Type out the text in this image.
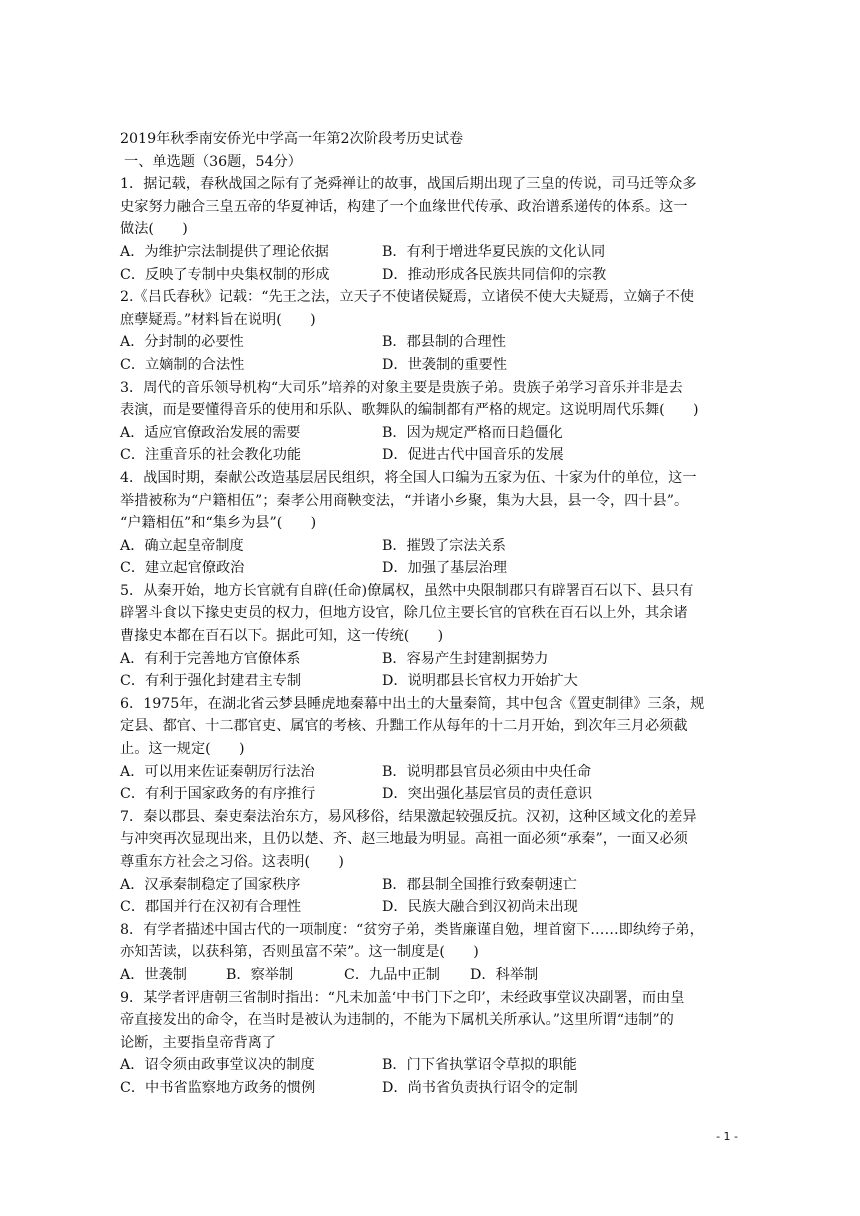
2019年秋季南安侨光中学高一年第2次阶段考历史试卷
一、单选题（36题，54分）
1．据记载，春秋战国之际有了尧舜禅让的故事，战国后期出现了三皇的传说，司马迁等众多
史家努力融合三皇五帝的华夏神话，构建了一个血缘世代传承、政治谱系递传的体系。这一
做法(　　)
A．为维护宗法制提供了理论依据	B．有利于增进华夏民族的文化认同
C．反映了专制中央集权制的形成	D．推动形成各民族共同信仰的宗教
2.《吕氏春秋》记载：“先王之法，立天子不使诸侯疑焉，立诸侯不使大夫疑焉，立嫡子不使
庶孽疑焉。”材料旨在说明(　　)
A．分封制的必要性	B．郡县制的合理性
C．立嫡制的合法性	D．世袭制的重要性
3．周代的音乐领导机构“大司乐”培养的对象主要是贵族子弟。贵族子弟学习音乐并非是去
表演，而是要懂得音乐的使用和乐队、歌舞队的编制都有严格的规定。这说明周代乐舞(　　)
A．适应官僚政治发展的需要	B．因为规定严格而日趋僵化
C．注重音乐的社会教化功能	D．促进古代中国音乐的发展
4．战国时期，秦献公改造基层居民组织，将全国人口编为五家为伍、十家为什的单位，这一
举措被称为“户籍相伍”；秦孝公用商鞅变法，“并诸小乡聚，集为大县，县一令，四十县”。
“户籍相伍”和“集乡为县”(　　)
A．确立起皇帝制度	B．摧毁了宗法关系
C．建立起官僚政治	D．加强了基层治理
5．从秦开始，地方长官就有自辟(任命)僚属权，虽然中央限制郡只有辟署百石以下、县只有
辟署斗食以下掾史吏员的权力，但地方设官，除几位主要长官的官秩在百石以上外，其余诸
曹掾史本都在百石以下。据此可知，这一传统(　　)
A．有利于完善地方官僚体系	B．容易产生封建割据势力
C．有利于强化封建君主专制	D．说明郡县长官权力开始扩大
6．1975年，在湖北省云梦县睡虎地秦幕中出土的大量秦简，其中包含《置吏制律》三条，规
定县、都官、十二郡官吏、属官的考核、升黜工作从每年的十二月开始，到次年三月必须截
止。这一规定(　　)
A．可以用来佐证秦朝厉行法治	B．说明郡县官员必须由中央任命
C．有利于国家政务的有序推行	D．突出强化基层官员的责任意识
7．秦以郡县、秦吏秦法治东方，易风移俗，结果激起较强反抗。汉初，这种区域文化的差异
与冲突再次显现出来，且仍以楚、齐、赵三地最为明显。高祖一面必须“承秦”，一面又必须
尊重东方社会之习俗。这表明(　　)
A．汉承秦制稳定了国家秩序	B．郡县制全国推行致秦朝速亡
C．郡国并行在汉初有合理性	D．民族大融合到汉初尚未出现
8．有学者描述中国古代的一项制度：“贫穷子弟，类皆廉谨自勉，埋首窗下……即纨绔子弟，
亦知苦读，以获科第，否则虽富不荣”。这一制度是(　　)
A．世袭制	B．察举制	C．九品中正制	D．科举制
9．某学者评唐朝三省制时指出：“凡未加盖‘中书门下之印’，未经政事堂议决副署，而由皇
帝直接发出的命令，在当时是被认为违制的，不能为下属机关所承认。”这里所谓“违制”的
论断，主要指皇帝背离了
A．诏令须由政事堂议决的制度	B．门下省执掌诏令草拟的职能
C．中书省监察地方政务的惯例	D．尚书省负责执行诏令的定制
- 1 -
